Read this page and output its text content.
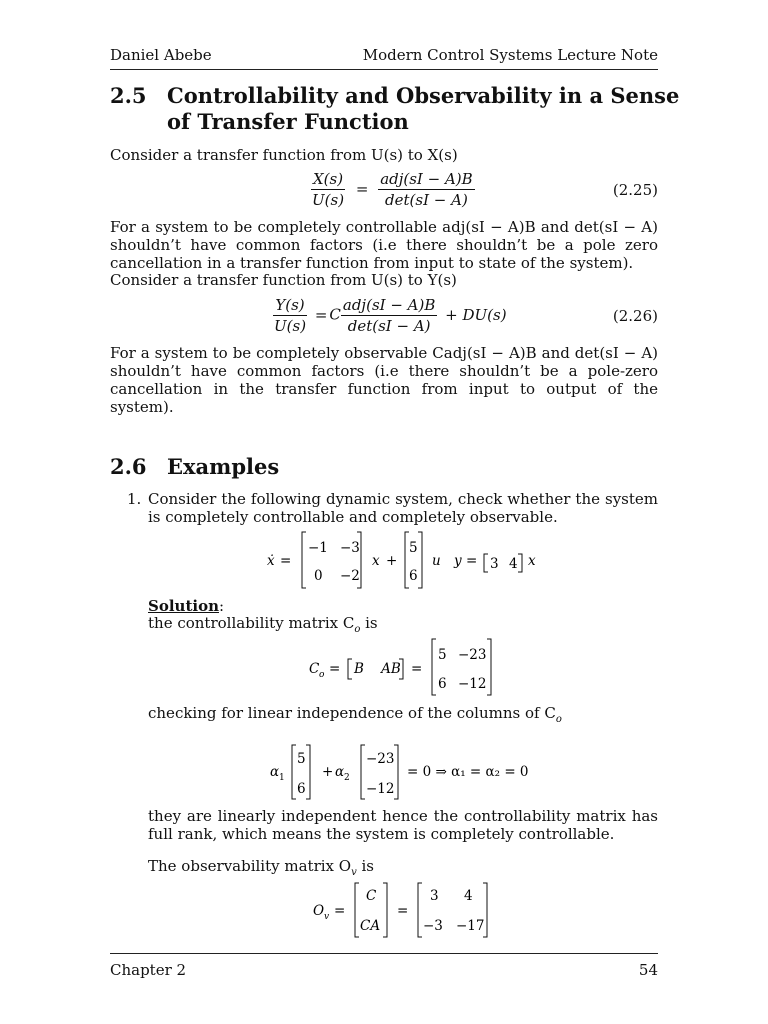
Daniel Abebe	Modern Control Systems Lecture Note
2.5 Controllability and Observability in a Sense
of Transfer Function
Consider a transfer function from U(s) to X(s)
$\frac{X(s)}{U(s)} = \frac{\text{adj(sI − A)B}}{\det(sI - A)}$	(2.25)
For a system to be completely controllable adj(sI − A)B and det(sI − A) shouldn’t have common factors (i.e there shouldn’t be a pole zero cancellation in a transfer function from input to state of the system).
Consider a transfer function from U(s) to Y(s)
$\frac{Y(s)}{U(s)} = C \frac{\text{adj(sI − A)B}}{\det(sI - A)} + DU(s)$	(2.26)
For a system to be completely observable Cadj(sI − A)B and det(sI − A) shouldn’t have common factors (i.e there shouldn’t be a pole-zero cancellation in the transfer function from input to output of the system).
2.6 Examples
1. Consider the following dynamic system, check whether the system is completely controllable and completely observable.
ẋ =
−1 −3
0 −2
x +
5
6
u y = 3 4 x
Solution:
the controllability matrix $C_o$ is
C o = B    AB =
5 −23
6 −12
checking for linear independence of the columns of $C_o$
α 1
5
6
+ α 2
−23
−12
= 0 ⇒ α₁ = α₂ = 0
they are linearly independent hence the controllability matrix has full rank, which means the system is completely controllable.
The observability matrix $O_v$ is
O v =
C
CA
=
3 4
−3 −17
Chapter 2	54
